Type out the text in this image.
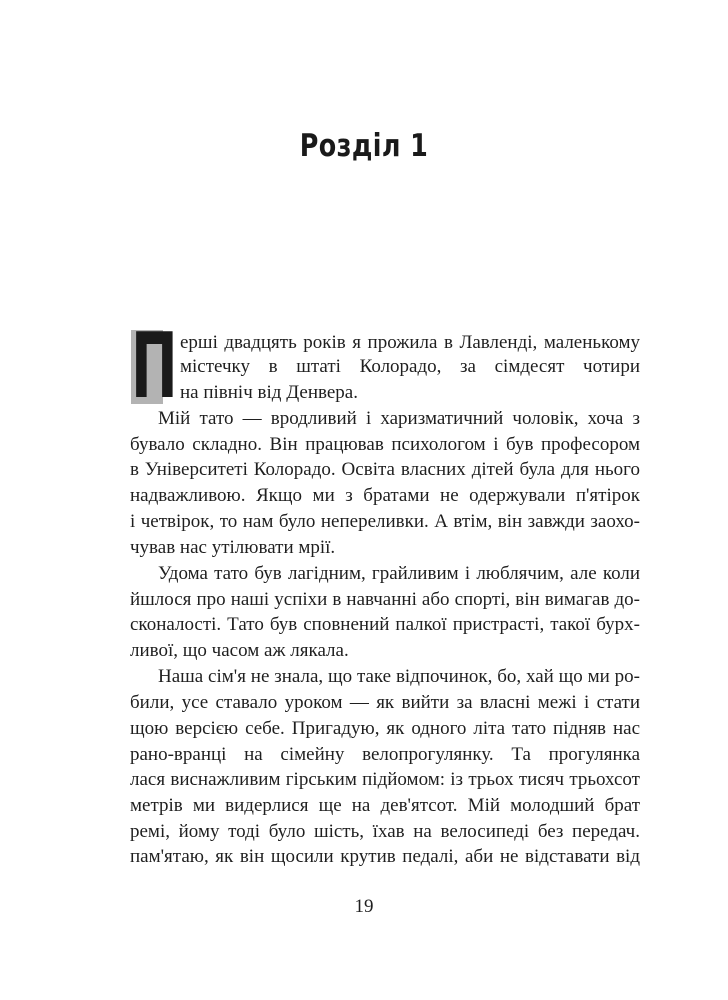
Розділ 1
П ерші двадцять років я прожила в Лавленді, маленькому
містечку в штаті Колорадо, за сімдесят чотири
на північ від Денвера.
Мій тато — вродливий і харизматичний чоловік, хоча з
бувало складно. Він працював психологом і був професором
в Університеті Колорадо. Освіта власних дітей була для нього
надважливою. Якщо ми з братами не одержували п'ятірок
і четвірок, то нам було непереливки. А втім, він завжди заохо-
чував нас утілювати мрії.
Удома тато був лагідним, грайливим і люблячим, але коли
йшлося про наші успіхи в навчанні або спорті, він вимагав до-
сконалості. Тато був сповнений палкої пристрасті, такої бурх-
ливої, що часом аж лякала.
Наша сім'я не знала, що таке відпочинок, бо, хай що ми ро-
били, усе ставало уроком — як вийти за власні межі і стати
щою версією себе. Пригадую, як одного літа тато підняв нас
рано-вранці на сімейну велопрогулянку. Та прогулянка
лася виснажливим гірським підйомом: із трьох тисяч трьохсот
метрів ми видерлися ще на дев'ятсот. Мій молодший брат
ремі, йому тоді було шість, їхав на велосипеді без передач.
пам'ятаю, як він щосили крутив педалі, аби не відставати від
19
